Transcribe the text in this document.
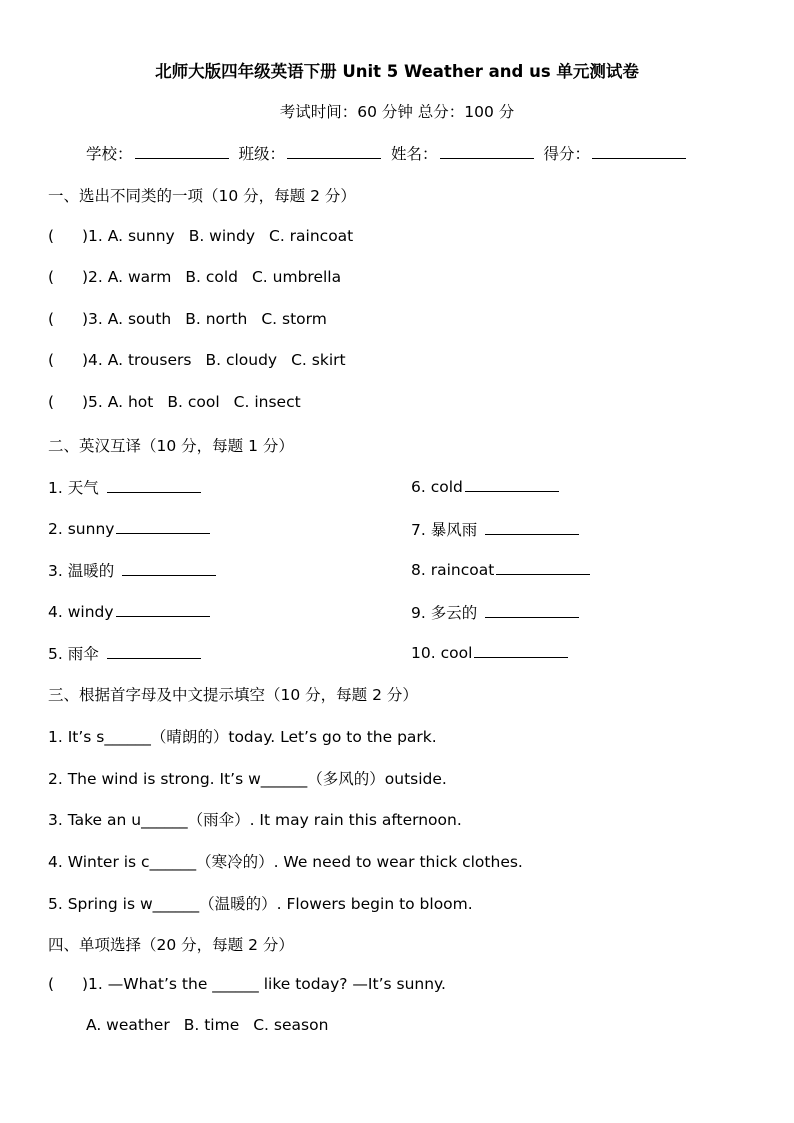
北师大版四年级英语下册 Unit 5 Weather and us 单元测试卷
考试时间：60 分钟 总分：100 分
学校：	班级：	姓名：	得分：
一、选出不同类的一项（10 分，每题 2 分）
( )1. A. sunny B. windy C. raincoat
( )2. A. warm B. cold C. umbrella
( )3. A. south B. north C. storm
( )4. A. trousers B. cloudy C. skirt
( )5. A. hot B. cool C. insect
二、英汉互译（10 分，每题 1 分）
1. 天气
2. sunny
3. 温暖的
4. windy
5. 雨伞
6. cold
7. 暴风雨
8. raincoat
9. 多云的
10. cool
三、根据首字母及中文提示填空（10 分，每题 2 分）
1. It’s s______（晴朗的）today. Let’s go to the park.
2. The wind is strong. It’s w______（多风的）outside.
3. Take an u______（雨伞）. It may rain this afternoon.
4. Winter is c______（寒冷的）. We need to wear thick clothes.
5. Spring is w______（温暖的）. Flowers begin to bloom.
四、单项选择（20 分，每题 2 分）
( )1. —What’s the ______ like today? —It’s sunny.
A. weather B. time C. season
